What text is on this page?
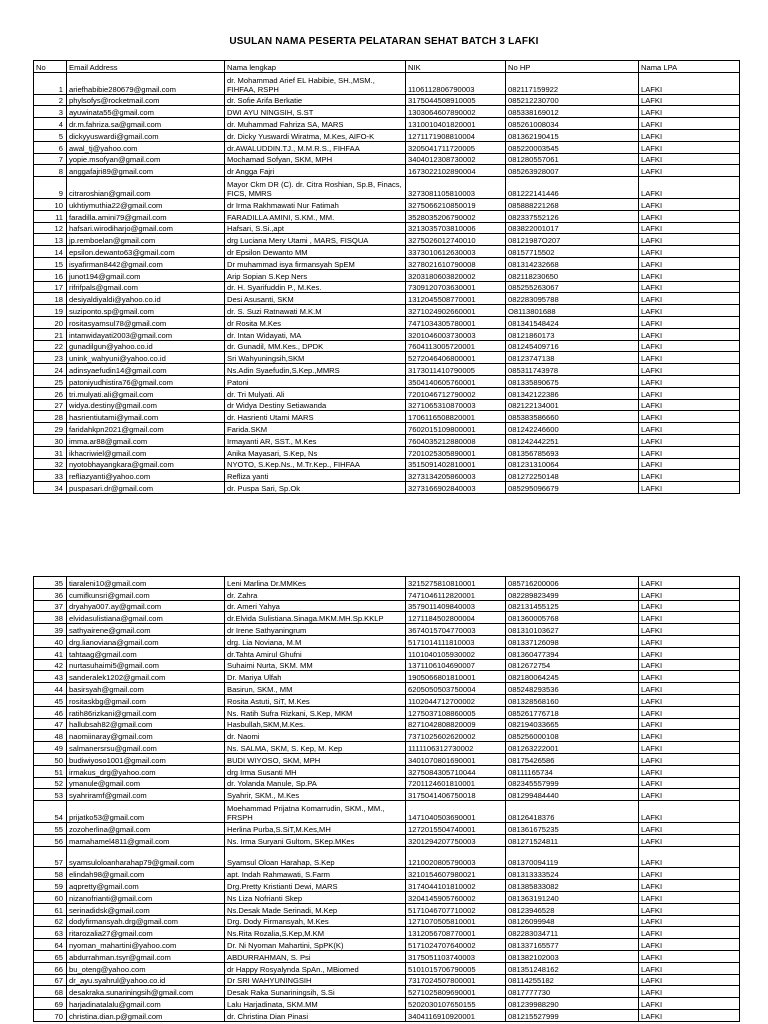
USULAN NAMA PESERTA PELATARAN SEHAT BATCH 3 LAFKI
No	Email Address	Nama lengkap	NIK	No HP	Nama LPA
1	ariefhabibie280679@gmail.com	dr. Mohammad Arief EL Habibie, SH.,MSM., FIHFAA, RSPH	1106112806790003	082117159922	LAFKI
2	phylsofys@rocketmail.com	dr. Sofie Arifa Berkatie	3175044508910005	085212230700	LAFKI
3	ayuwinata55@gmail.com	DWI AYU NINGSIH, S.ST	1303064607890002	085338169012	LAFKI
4	dr.m.fahriza.sa@gmail.com	dr. Muhammad Fahriza SA, MARS	1310010401820001	085261008034	LAFKI
5	dickyyuswardi@gmail.com	dr. Dicky Yuswardi Wiratma, M.Kes, AIFO-K	1271171908810004	081362190415	LAFKI
6	awal_tj@yahoo.com	dr.AWALUDDIN.TJ., M.M.R.S., FIHFAA	3205041711720005	085220003545	LAFKI
7	yopie.msofyan@gmail.com	Mochamad Sofyan, SKM, MPH	3404012308730002	081280557061	LAFKI
8	anggafajri89@gmail.com	dr Angga Fajri	1673022102890004	085263928007	LAFKI
9	citraroshian@gmail.com	Mayor Ckm DR (C). dr. Citra Roshian, Sp.B, Finacs, FICS, MMRS	3273081105810003	081222141446	LAFKI
10	ukhtiymuthia22@gmail.com	dr Irma Rakhmawati Nur Fatimah	3275066210850019	085888221268	LAFKI
11	faradilla.amini79@gmail.com	FARADILLA AMINI, S.KM., MM.	3528035206790002	082337552126	LAFKI
12	hafsari.wirodiharjo@gmail.com	Hafsari, S.Si.,apt	3213035703810006	083822001017	LAFKI
13	jp.remboelan@gmail.com	drg Luciana Mery Utami , MARS, FISQUA	3275026012740010	08121987O207	LAFKI
14	epsilon.dewanto63@gmail.com	dr Epsilon Dewanto MM	3373010612630003	08157715502	LAFKI
15	isyafirman8442@gmail.com	Dr muhammad isya firmansyah SpEM	3278021610790008	081314232668	LAFKI
16	junot194@gmail.com	Arip Sopian S.Kep Ners	3203180603820002	082118230650	LAFKI
17	rifrifpals@gmail.com	dr. H. Syarifuddin P., M.Kes.	7309120703630001	085255263067	LAFKI
18	desiyaldiyaldi@yahoo.co.id	Desi Asusanti, SKM	1312045508770001	082283095788	LAFKI
19	suziponto.sp@gmail.com	dr. S. Suzi Ratnawati M.K.M	3271024902660001	O8113801688	LAFKI
20	rositasyamsul78@gmail.com	dr Rosita M.Kes	7471034305780001	081341548424	LAFKI
21	intanwidayati2003@gmail.com	dr. Intan Widayati, MA	3201046003730003	08121860173	LAFKI
22	gunadilgun@yahoo.co.id	dr. Gunadil, MM.Kes., DPDK	7604113005720001	081245409716	LAFKI
23	unink_wahyuni@yahoo.co.id	Sri Wahyuningsih,SKM	5272046406800001	08123747138	LAFKI
24	adinsyaefudin14@gmail.com	Ns.Adin Syaefudin,S.Kep.,MMRS	3173011410790005	085311743978	LAFKI
25	patoniyudhistira76@gmail.com	Patoni	3504140605760001	081335890675	LAFKI
26	tri.mulyati.ali@gmail.com	dr. Tri Mulyati. Ali	7201046712790002	081342122386	LAFKI
27	widya.destiny@gmail.com	dr Widya Destiny Setiawanda	3271065310870003	082122134001	LAFKI
28	hasrientiutami@ymail.com	dr. Hasrienti Utami MARS	1706116508820001	085383586660	LAFKI
29	faridahkpn2021@gmail.com	Farida.SKM	7602015109800001	081242246600	LAFKI
30	imma.ar88@gmail.com	Irmayanti AR, SST., M.Kes	7604035212880008	081242442251	LAFKI
31	ikhacriwiel@gmail.com	Anika Mayasari, S.Kep, Ns	7201025305890001	081356785693	LAFKI
32	nyotobhayangkara@gmail.com	NYOTO, S.Kep.Ns., M.Tr.Kep., FIHFAA	3515091402810001	081231310064	LAFKI
33	refliazyanti@yahoo.com	Refliza yanti	3273134205860003	081272250148	LAFKI
34	puspasari.dr@gmail.com	dr. Puspa Sari, Sp.Ok	3273166902840003	085295096679	LAFKI
35	tiaraleni10@gmail.com	Leni Marlina Dr.MMKes	3215275810810001	085716200006	LAFKI
36	cumifkunsri@gmail.com	dr. Zahra	7471046112820001	082289823499	LAFKI
37	dryahya007.ay@gmail.com	dr. Ameri Yahya	3579011409840003	082131455125	LAFKI
38	elvidasulistiana@gmail.com	dr.Elvida Sulistiana.Sinaga.MKM.MH.Sp.KKLP	1271184502800004	081360005768	LAFKI
39	sathyairene@gmail.com	dr Irene Sathyaningrum	3674015704770003	081310103627	LAFKI
40	drg.lianoviana@gmail.com	drg. Lia Noviana, M.M	5171014111810003	081337126098	LAFKI
41	tahtaag@gmail.com	dr.Tahta Amirul Ghufni	1101040105930002	081360477394	LAFKI
42	nurtasuhaimi5@gmail.com	Suhaimi Nurta, SKM. MM	1371106104690007	0812672754	LAFKI
43	sanderalek1202@gmail.com	Dr. Mariya Ulfah	1905066801810001	082180064245	LAFKI
44	basirsyah@gmail.com	Basirun, SKM., MM	6205050503750004	085248293536	LAFKI
45	rositaskbg@gmail.com	Rosita Astuti, SiT, M.Kes	1102044712700002	081328568160	LAFKI
46	ratih86rizkani@gmail.com	Ns. Ratih Sufra Rizkani, S.Kep, MKM	1275037108860005	085261776718	LAFKI
47	hallubsah82@gmail.com	Hasbullah,SKM,M.Kes.	8271042808820009	082194033665	LAFKI
48	naomiinaray@gmail.com	dr. Naomi	7371025602620002	085256000108	LAFKI
49	salmanersrsu@gmail.com	Ns. SALMA, SKM, S. Kep, M. Kep	1111106312730002	081263222001	LAFKI
50	budiwiyoso1001@gmail.com	BUDI WIYOSO, SKM, MPH	3401070801690001	08175426586	LAFKI
51	irmakus_drg@yahoo.com	drg Irma Susanti MH	3275084305710044	08111165734	LAFKI
52	ymanule@gmail.com	dr. Yolanda Manule, Sp.PA	7201124601810001	082345557999	LAFKI
53	syahriramf@gmail.com	Syahrir, SKM., M.Kes	3175041406750018	081299484440	LAFKI
54	prijatko53@gmail.com	Moehammad Prijatna Komarrudin, SKM., MM., FRSPH	1471040503690001	08126418376	LAFKI
55	zozoherlina@gmail.com	Herlina Purba,S.SiT,M.Kes,MH	1272015504740001	081361675235	LAFKI
56	mamahamel4811@gmail.com	Ns. Irma Suryani Gultom, SKep.MKes	3201294207750003	081271524811	LAFKI
57	syamsuloloanharahap79@gmail.com	Syamsul Oloan Harahap, S.Kep	1210020805790003	081370094119	LAFKI
58	elindah98@gmail.com	apt. Indah Rahmawati, S.Farm	3210154607980021	081313333524	LAFKI
59	aqpretty@gmail.com	Drg.Pretty Kristianti Dewi, MARS	3174044101810002	081385833082	LAFKI
60	nizanofrianti@gmail.com	Ns Liza Nofrianti Skep	3204145905760002	081363191240	LAFKI
61	serinadidsk@gmail.com	Ns.Desak Made Serinadi, M.Kep	5171046707710002	08123946528	LAFKI
62	dodyfirmansyah.drg@gmail.com	Drg. Dody Firmansyah, M.Kes	1271070505810001	08126099948	LAFKI
63	ritarozalia27@gmail.com	Ns.Rita Rozalia,S.Kep,M.KM	1312056708770001	082283034711	LAFKI
64	nyoman_mahartini@yahoo.com	Dr. Ni Nyoman Mahartini, SpPK(K)	5171024707640002	081337165577	LAFKI
65	abdurrahman.tsyr@gmail.com	ABDURRAHMAN, S. Psi	3175051103740003	081382102003	LAFKI
66	bu_oteng@yahoo.com	dr Happy Rosyalynda SpAn., MBiomed	5101015706790005	081351248162	LAFKI
67	dr_ayu.syahrul@yahoo.co.id	Dr SRI WAHYUNINGSIH	7317024507800001	08114255182	LAFKI
68	desakraka.sunariningsih@gmail.com	Desak Raka Sunariningsih, S.Si	5271025809690001	0817777730	LAFKI
69	harjadinatalalu@gmail.com	Lalu Harjadinata, SKM.MM	5202030107650155	081239988290	LAFKI
70	christina.dian.p@gmail.com	dr. Christina Dian Pinasi	3404116910920001	081215527999	LAFKI
